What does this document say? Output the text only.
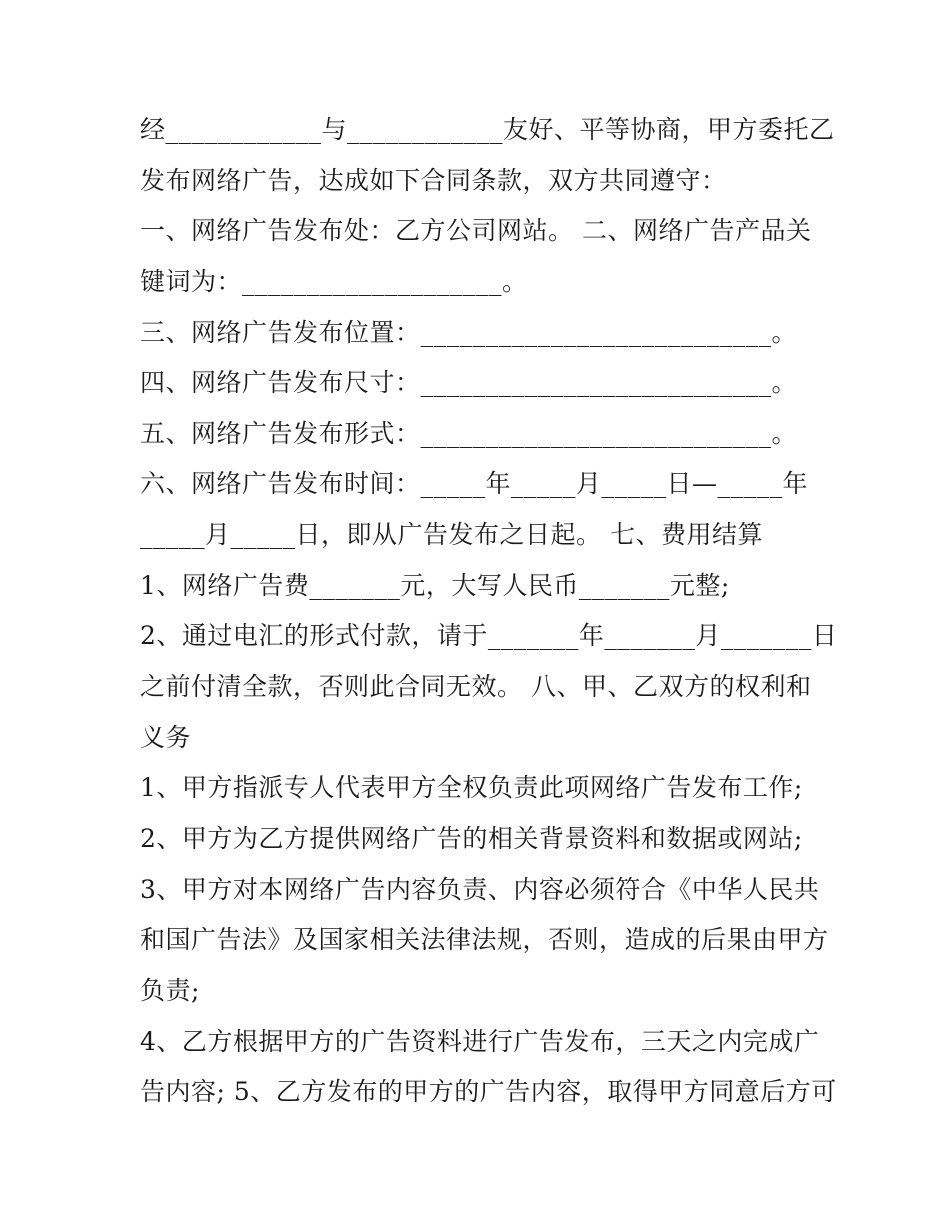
经____________与____________友好、平等协商，甲方委托乙
发布网络广告，达成如下合同条款，双方共同遵守：
一、网络广告发布处：乙方公司网站。 二、网络广告产品关
键词为：____________________。
三、网络广告发布位置：___________________________。
四、网络广告发布尺寸：___________________________。
五、网络广告发布形式：___________________________。
六、网络广告发布时间：_____年_____月_____日—_____年
_____月_____日，即从广告发布之日起。 七、费用结算
1、网络广告费_______元，大写人民币_______元整;
2、通过电汇的形式付款，请于_______年_______月_______日
之前付清全款，否则此合同无效。 八、甲、乙双方的权利和
义务
1、甲方指派专人代表甲方全权负责此项网络广告发布工作;
2、甲方为乙方提供网络广告的相关背景资料和数据或网站;
3、甲方对本网络广告内容负责、内容必须符合《中华人民共
和国广告法》及国家相关法律法规，否则，造成的后果由甲方
负责;
4、乙方根据甲方的广告资料进行广告发布，三天之内完成广
告内容; 5、乙方发布的甲方的广告内容，取得甲方同意后方可
